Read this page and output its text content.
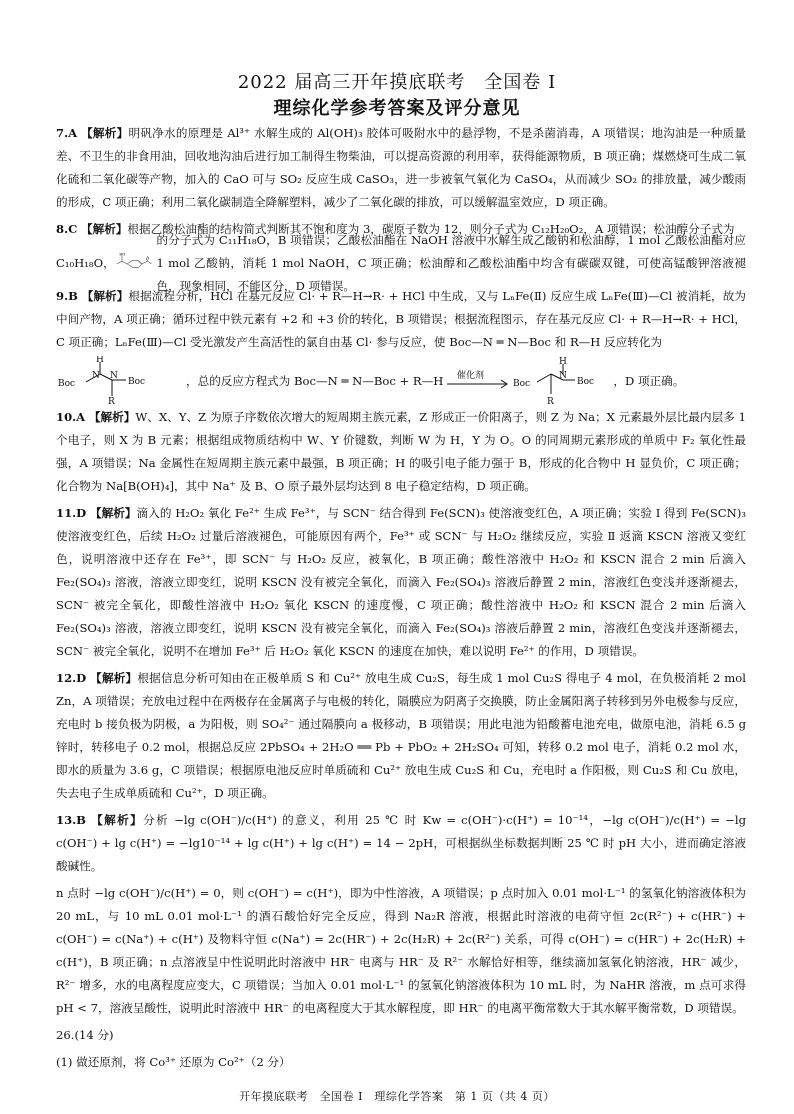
2022 届高三开年摸底联考　全国卷 Ⅰ
理综化学参考答案及评分意见

7.A 【解析】明矾净水的原理是 Al³⁺ 水解生成的 Al(OH)₃ 胶体可吸附水中的悬浮物，不是杀菌消毒，A 项错误；地沟油是一种质量差、不卫生的非食用油，回收地沟油后进行加工制得生物柴油，可以提高资源的利用率，获得能源物质，B 项正确；煤燃烧可生成二氧化硫和二氧化碳等产物，加入的 CaO 可与 SO₂ 反应生成 CaSO₃，进一步被氧气氧化为 CaSO₄，从而减少 SO₂ 的排放量，减少酸雨的形成，C 项正确；利用二氧化碳制造全降解塑料，减少了二氧化碳的排放，可以缓解温室效应，D 项正确。

8.C 【解析】根据乙酸松油酯的结构简式判断其不饱和度为 3，碳原子数为 12，则分子式为 C₁₂H₂₀O₂，A 项错误；松油醇分子式为

C₁₀H₁₈O，
HO
的分子式为 C₁₁H₁₈O，B 项错误；乙酸松油酯在 NaOH 溶液中水解生成乙酸钠和松油醇，1 mol 乙酸松油酯对应 1 mol 乙酸钠，消耗 1 mol NaOH，C 项正确；松油醇和乙酸松油酯中均含有碳碳双键，可使高锰酸钾溶液褪色，现象相同，不能区分，D 项错误。

9.B 【解析】根据流程分析，HCl 在基元反应 Cl· + R—H→R· + HCl 中生成，又与 LₙFe(Ⅱ) 反应生成 LₙFe(Ⅲ)—Cl 被消耗，故为中间产物，A 项正确；循环过程中铁元素有 +2 和 +3 价的转化，B 项错误；根据流程图示，存在基元反应 Cl· + R—H→R· + HCl，C 项正确；LₙFe(Ⅲ)—Cl 受光激发产生高活性的氯自由基 Cl· 参与反应，使 Boc—N ═ N—Boc 和 R—H 反应转化为

Boc
H
N N
Boc
R
，总的反应方程式为 Boc—N ═ N—Boc + R—H 催化剂
Boc
H
N
Boc
R
，D 项正确。

10.A 【解析】W、X、Y、Z 为原子序数依次增大的短周期主族元素，Z 形成正一价阳离子，则 Z 为 Na；X 元素最外层比最内层多 1 个电子，则 X 为 B 元素；根据组成物质结构中 W、Y 价键数，判断 W 为 H，Y 为 O。O 的同周期元素形成的单质中 F₂ 氧化性最强，A 项错误；Na 金属性在短周期主族元素中最强，B 项正确；H 的吸引电子能力强于 B，形成的化合物中 H 显负价，C 项正确；化合物为 Na[B(OH)₄]，其中 Na⁺ 及 B、O 原子最外层均达到 8 电子稳定结构，D 项正确。

11.D 【解析】滴入的 H₂O₂ 氧化 Fe²⁺ 生成 Fe³⁺，与 SCN⁻ 结合得到 Fe(SCN)₃ 使溶液变红色，A 项正确；实验 Ⅰ 得到 Fe(SCN)₃ 使溶液变红色，后续 H₂O₂ 过量后溶液褪色，可能原因有两个，Fe³⁺ 或 SCN⁻ 与 H₂O₂ 继续反应，实验 Ⅱ 返滴 KSCN 溶液又变红色，说明溶液中还存在 Fe³⁺，即 SCN⁻ 与 H₂O₂ 反应，被氧化，B 项正确；酸性溶液中 H₂O₂ 和 KSCN 混合 2 min 后滴入 Fe₂(SO₄)₃ 溶液，溶液立即变红，说明 KSCN 没有被完全氧化，而滴入 Fe₂(SO₄)₃ 溶液后静置 2 min，溶液红色变浅并逐渐褪去，SCN⁻ 被完全氧化，即酸性溶液中 H₂O₂ 氧化 KSCN 的速度慢，C 项正确；酸性溶液中 H₂O₂ 和 KSCN 混合 2 min 后滴入 Fe₂(SO₄)₃ 溶液，溶液立即变红，说明 KSCN 没有被完全氧化，而滴入 Fe₂(SO₄)₃ 溶液后静置 2 min，溶液红色变浅并逐渐褪去，SCN⁻ 被完全氧化，说明不在增加 Fe³⁺ 后 H₂O₂ 氧化 KSCN 的速度在加快，难以说明 Fe²⁺ 的作用，D 项错误。

12.D 【解析】根据信息分析可知由在正极单质 S 和 Cu²⁺ 放电生成 Cu₂S，每生成 1 mol Cu₂S 得电子 4 mol，在负极消耗 2 mol Zn，A 项错误；充放电过程中在两极存在金属离子与电极的转化，隔膜应为阴离子交换膜，防止金属阳离子转移到另外电极参与反应，充电时 b 接负极为阴极，a 为阳极，则 SO₄²⁻ 通过隔膜向 a 极移动，B 项错误；用此电池为铅酸蓄电池充电，做原电池，消耗 6.5 g 锌时，转移电子 0.2 mol，根据总反应 2PbSO₄ + 2H₂O ══ Pb + PbO₂ + 2H₂SO₄ 可知，转移 0.2 mol 电子，消耗 0.2 mol 水，即水的质量为 3.6 g，C 项错误；根据原电池反应时单质硫和 Cu²⁺ 放电生成 Cu₂S 和 Cu，充电时 a 作阳极，则 Cu₂S 和 Cu 放电，失去电子生成单质硫和 Cu²⁺，D 项正确。

13.B 【解析】分析 −lg c(OH⁻)/c(H⁺) 的意义，利用 25 ℃ 时 Kw = c(OH⁻)·c(H⁺) = 10⁻¹⁴，−lg c(OH⁻)/c(H⁺) = −lg c(OH⁻) + lg c(H⁺) = −lg10⁻¹⁴ + lg c(H⁺) + lg c(H⁺) = 14 − 2pH，可根据纵坐标数据判断 25 ℃ 时 pH 大小，进而确定溶液酸碱性。

n 点时 −lg c(OH⁻)/c(H⁺) = 0，则 c(OH⁻) = c(H⁺)，即为中性溶液，A 项错误；p 点时加入 0.01 mol·L⁻¹ 的氢氧化钠溶液体积为 20 mL，与 10 mL 0.01 mol·L⁻¹ 的酒石酸恰好完全反应，得到 Na₂R 溶液，根据此时溶液的电荷守恒 2c(R²⁻) + c(HR⁻) + c(OH⁻) = c(Na⁺) + c(H⁺) 及物料守恒 c(Na⁺) = 2c(HR⁻) + 2c(H₂R) + 2c(R²⁻) 关系，可得 c(OH⁻) = c(HR⁻) + 2c(H₂R) + c(H⁺)，B 项正确；n 点溶液呈中性说明此时溶液中 HR⁻ 电离与 HR⁻ 及 R²⁻ 水解恰好相等，继续滴加氢氧化钠溶液，HR⁻ 减少，R²⁻ 增多，水的电离程度应变大，C 项错误；当加入 0.01 mol·L⁻¹ 的氢氧化钠溶液体积为 10 mL 时，为 NaHR 溶液，m 点可求得 pH < 7，溶液呈酸性，说明此时溶液中 HR⁻ 的电离程度大于其水解程度，即 HR⁻ 的电离平衡常数大于其水解平衡常数，D 项错误。

26.(14 分)

(1) 做还原剂，将 Co³⁺ 还原为 Co²⁺（2 分）

开年摸底联考　全国卷 Ⅰ　理综化学答案　第 1 页（共 4 页）
